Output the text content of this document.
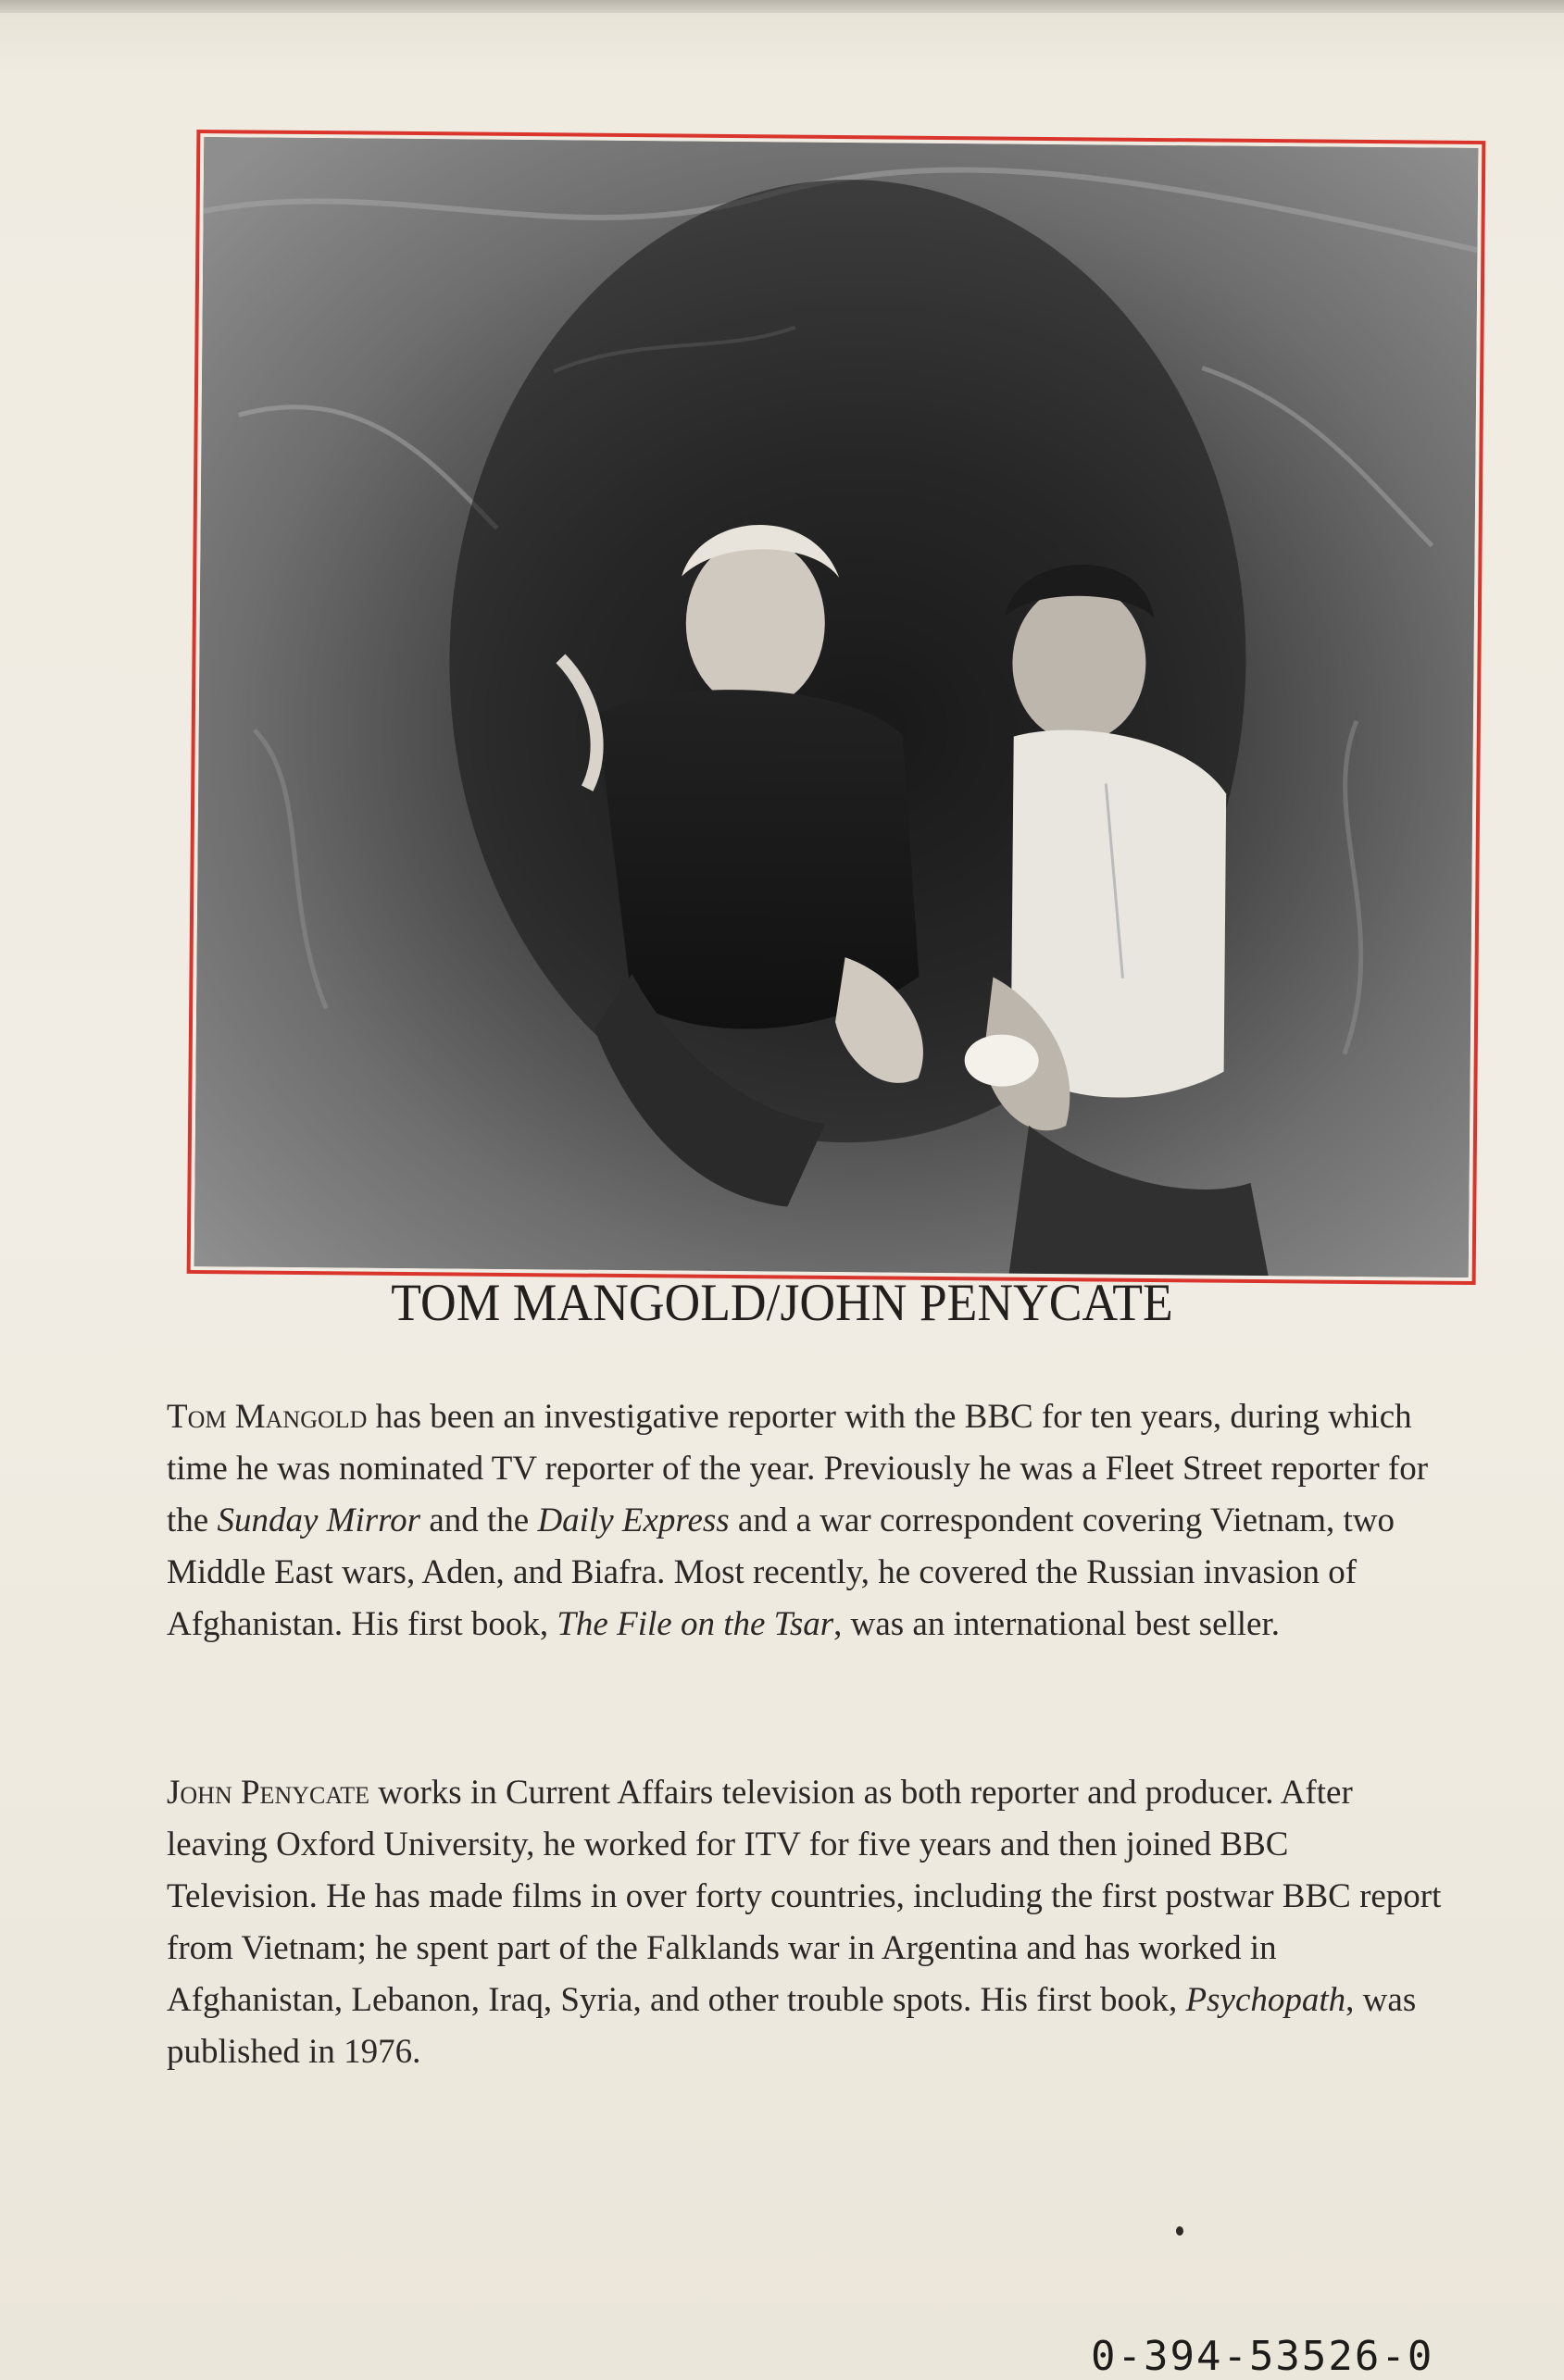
TOM MANGOLD/JOHN PENYCATE
Tom Mangold has been an investigative reporter with the BBC for ten years, during which time he was nominated TV reporter of the year. Previously he was a Fleet Street reporter for the Sunday Mirror and the Daily Express and a war correspondent covering Vietnam, two Middle East wars, Aden, and Biafra. Most recently, he covered the Russian invasion of Afghanistan. His first book, The File on the Tsar, was an international best seller.
John Penycate works in Current Affairs television as both reporter and producer. After leaving Oxford University, he worked for ITV for five years and then joined BBC Television. He has made films in over forty countries, including the first postwar BBC report from Vietnam; he spent part of the Falklands war in Argentina and has worked in Afghanistan, Lebanon, Iraq, Syria, and other trouble spots. His first book, Psychopath, was published in 1976.
0-394-53526-0
